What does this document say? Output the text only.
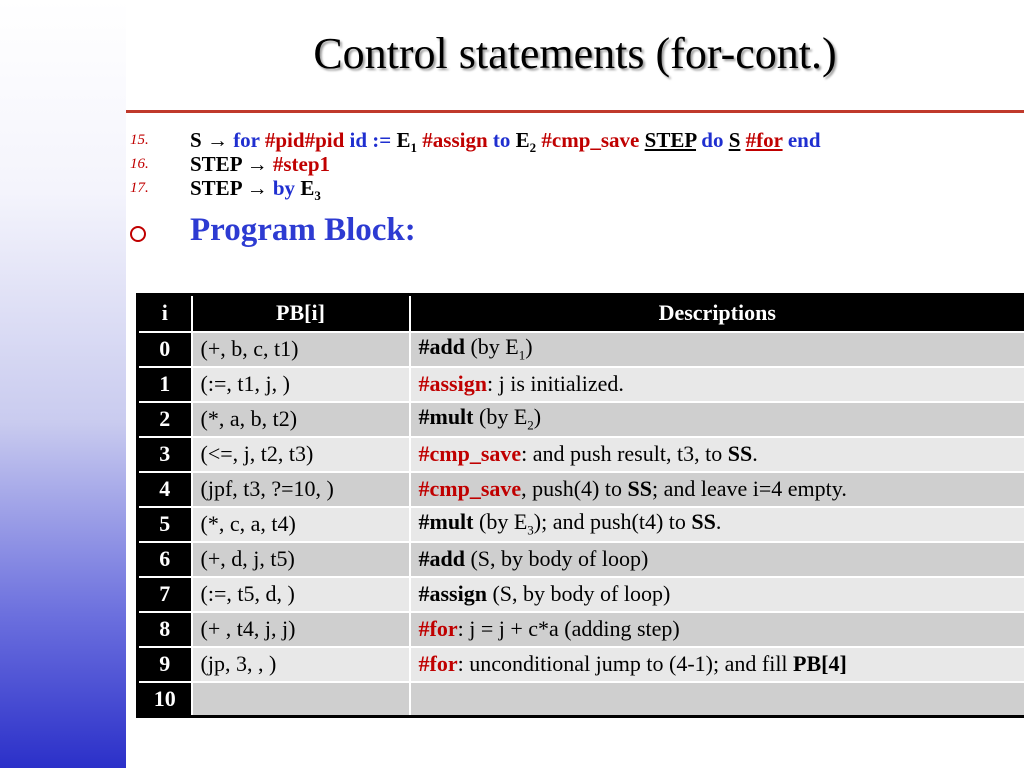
Control statements (for-cont.)
15. S → for #pid#pid id := $E_1$ #assign to $E_2$ #cmp_save STEP do S #for end
16. STEP → #step1
17. STEP → by $E_3$
Program Block:
i	PB[i]	Descriptions
0	(+, b, c, t1)	#add (by $E_1$)
1	(:=, t1, j, )	#assign: j is initialized.
2	(*, a, b, t2)	#mult (by $E_2$)
3	(<=, j, t2, t3)	#cmp_save: and push result, t3, to SS.
4	(jpf, t3, ?=10, )	#cmp_save, push(4) to SS; and leave i=4 empty.
5	(*, c, a, t4)	#mult (by $E_3$); and push(t4) to SS.
6	(+, d, j, t5)	#add (S, by body of loop)
7	(:=, t5, d, )	#assign (S, by body of loop)
8	(+ , t4, j, j)	#for: j = j + c*a (adding step)
9	(jp, 3, , )	#for: unconditional jump to (4-1); and fill PB[4]
10		
